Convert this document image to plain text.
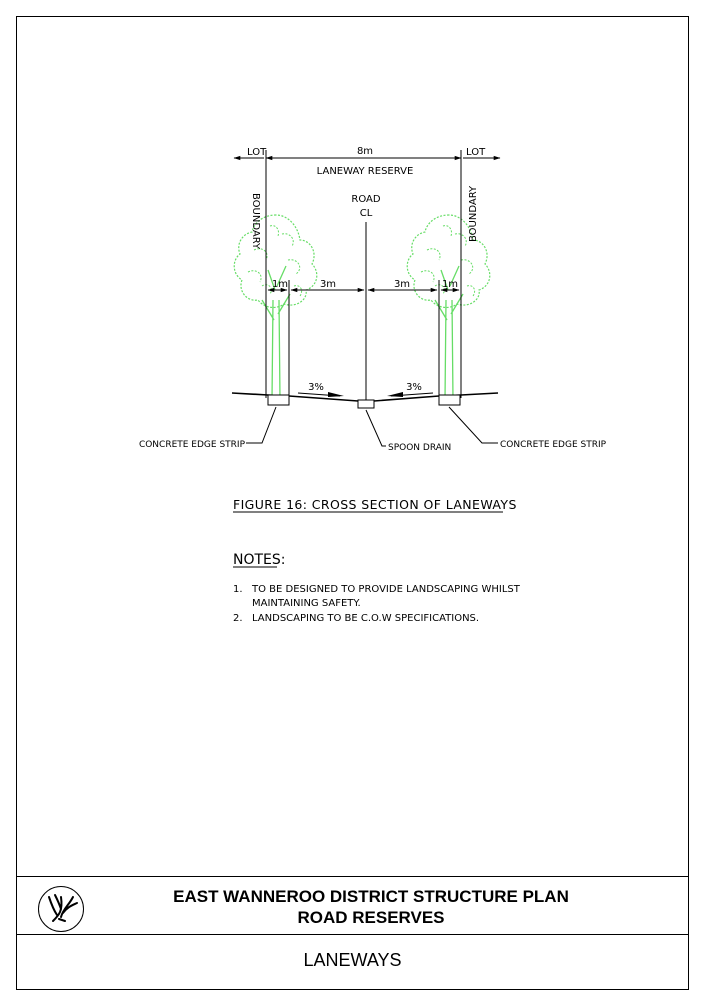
LOT	LOT
8m
LANEWAY RESERVE
BOUNDARY	BOUNDARY
ROAD
CL
1m	3m	3m	1m
3%	3%
CONCRETE EDGE STRIP	SPOON DRAIN	CONCRETE EDGE STRIP
FIGURE 16: CROSS SECTION OF LANEWAYS
NOTES:
1. TO BE DESIGNED TO PROVIDE LANDSCAPING WHILST
MAINTAINING SAFETY.
2. LANDSCAPING TO BE C.O.W SPECIFICATIONS.
EAST WANNEROO DISTRICT STRUCTURE PLAN
ROAD RESERVES
LANEWAYS
